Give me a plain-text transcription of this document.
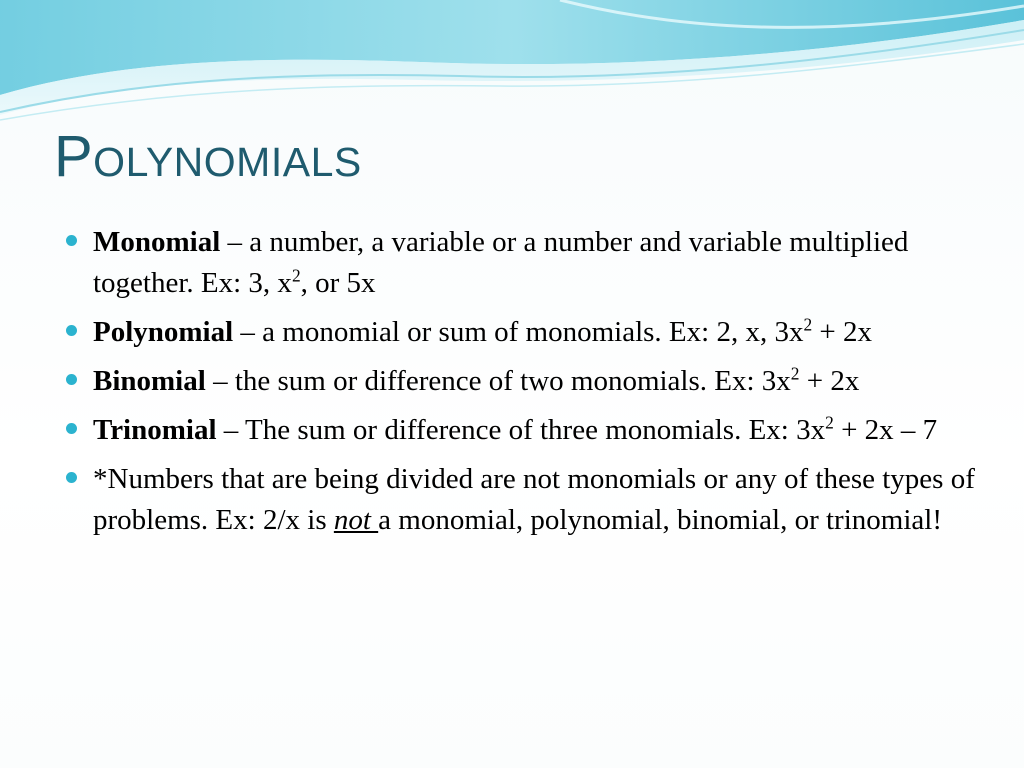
Polynomials
Monomial – a number, a variable or a number and variable multiplied together. Ex: 3, $x^2$, or 5x
Polynomial – a monomial or sum of monomials. Ex: 2, x, $3x^2 + 2x$
Binomial – the sum or difference of two monomials. Ex: $3x^2 + 2x$
Trinomial – The sum or difference of three monomials. Ex: $3x^2 + 2x - 7$
*Numbers that are being divided are not monomials or any of these types of problems. Ex: 2/x is not a monomial, polynomial, binomial, or trinomial!
